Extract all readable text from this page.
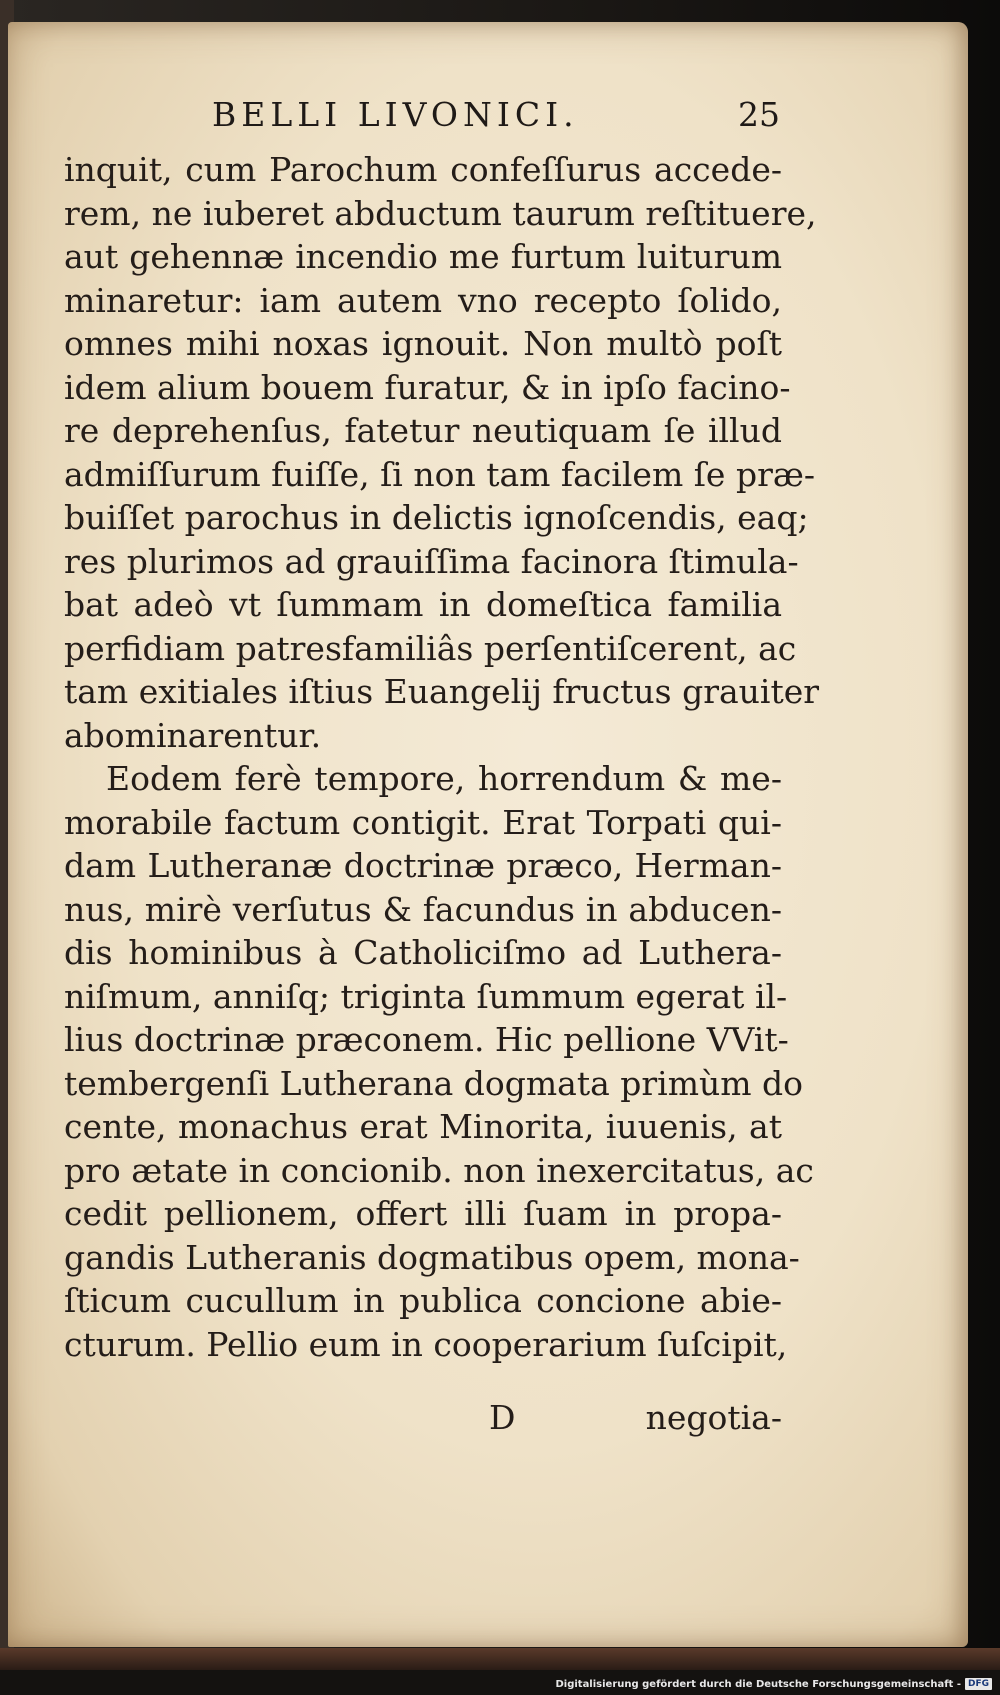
BELLI LIVONICI.	25
inquit, cum Parochum confeſſurus accede-
rem, ne iuberet abductum taurum reſtituere,
aut gehennæ incendio me furtum luiturum
minaretur: iam autem vno recepto ſolido,
omnes mihi noxas ignouit. Non multò poſt
idem alium bouem furatur, & in ipſo facino-
re deprehenſus, fatetur neutiquam ſe illud
admiſſurum fuiſſe, ſi non tam facilem ſe præ-
buiſſet parochus in delictis ignoſcendis, eaq;
res plurimos ad grauiſſima facinora ſtimula-
bat adeò vt ſummam in domeſtica familia
perfidiam patresfamiliâs perſentiſcerent, ac
tam exitiales iſtius Euangelij fructus grauiter
abominarentur.
Eodem ferè tempore, horrendum & me-
morabile factum contigit. Erat Torpati qui-
dam Lutheranæ doctrinæ præco, Herman-
nus, mirè verſutus & facundus in abducen-
dis hominibus à Catholiciſmo ad Luthera-
niſmum, anniſq; triginta ſummum egerat il-
lius doctrinæ præconem. Hic pellione VVit-
tembergenſi Lutherana dogmata primùm do
cente, monachus erat Minorita, iuuenis, at
pro ætate in concionib. non inexercitatus, ac
cedit pellionem, offert illi ſuam in propa-
gandis Lutheranis dogmatibus opem, mona-
ſticum cucullum in publica concione abie-
cturum. Pellio eum in cooperarium ſuſcipit,
D	negotia-
Digitalisierung gefördert durch die Deutsche Forschungsgemeinschaft - DFG
